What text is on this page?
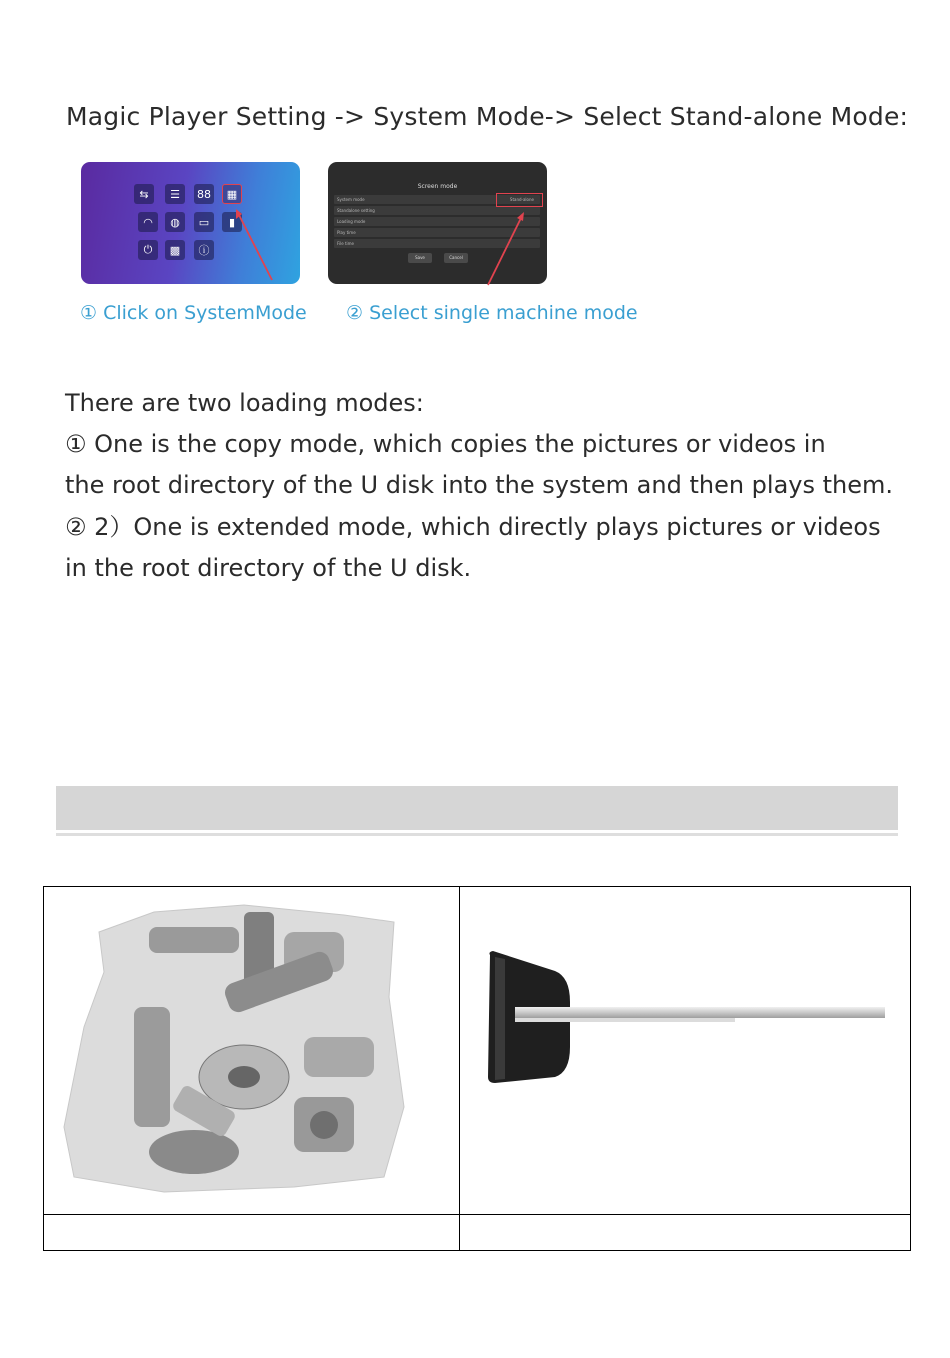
Magic Player Setting -> System Mode-> Select Stand-alone Mode:
⇆	☰	88	▦
◠	◍	▭	▮
⏻	▩	ⓘ
Screen mode
System mode	Stand-alone
Standalone setting
Loading mode
Play time
File time
Save	Cancel
① Click on SystemMode ② Select single machine mode
There are two loading modes:
① One is the copy mode, which copies the pictures or videos in
the root directory of the U disk into the system and then plays them.
② 2）One is extended mode, which directly plays pictures or videos
in the root directory of the U disk.
